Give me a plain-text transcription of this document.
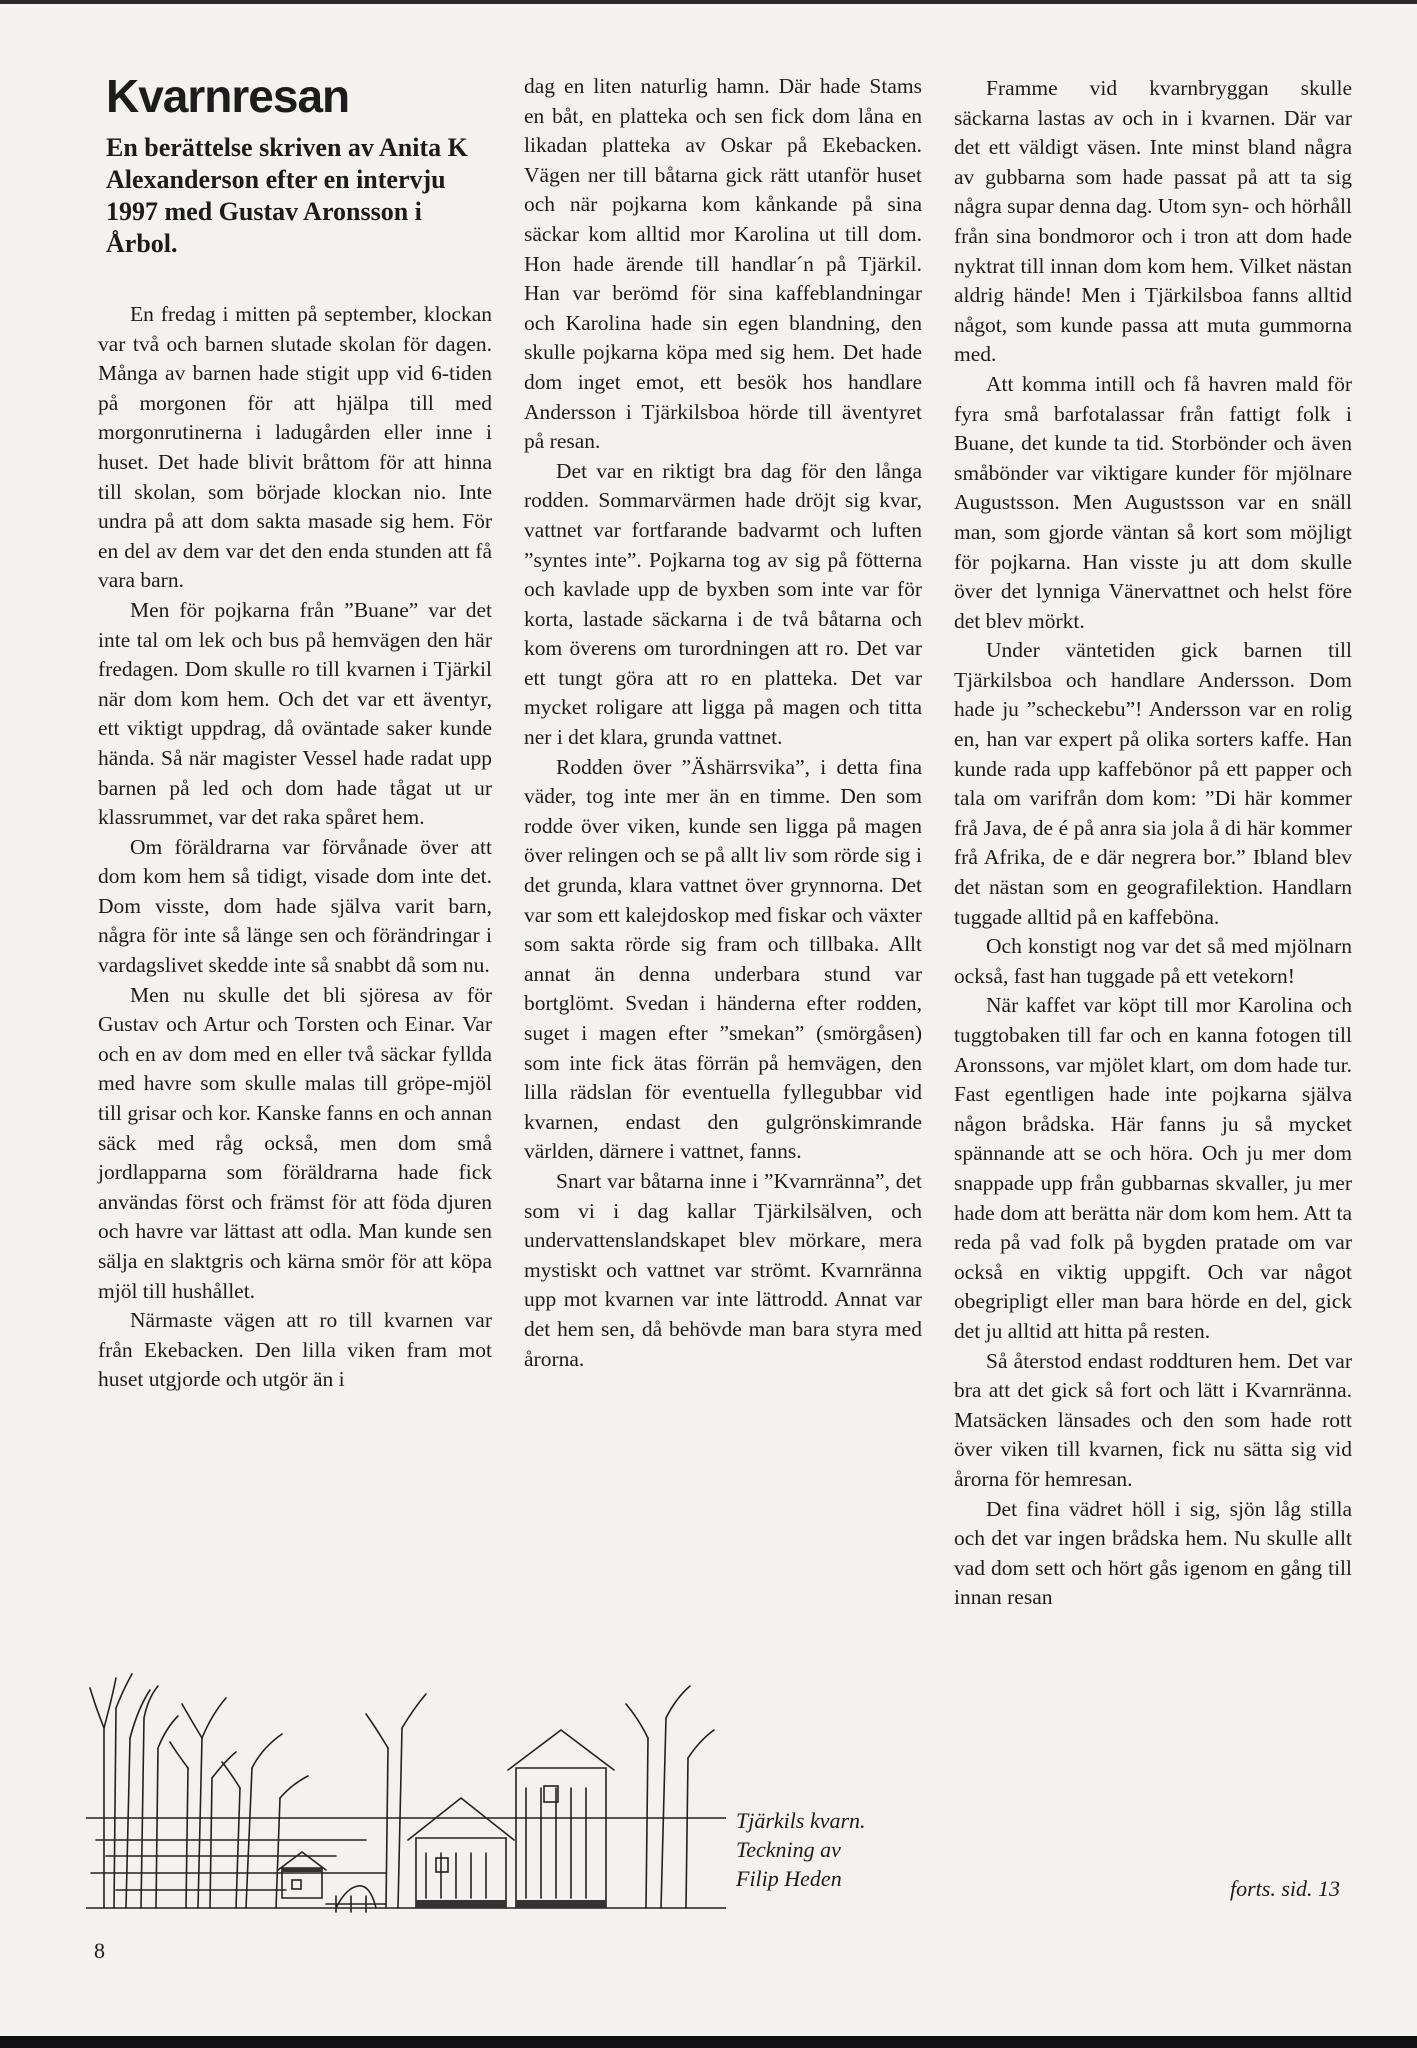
Kvarnresan
En berättelse skriven av Anita K Alexanderson efter en intervju 1997 med Gustav Aronsson i Årbol.

En fredag i mitten på september, klockan var två och barnen slutade skolan för dagen. Många av barnen hade stigit upp vid 6-tiden på morgonen för att hjälpa till med morgonrutinerna i ladugården eller inne i huset. Det hade blivit bråttom för att hinna till skolan, som började klockan nio. Inte undra på att dom sakta masade sig hem. För en del av dem var det den enda stunden att få vara barn.

Men för pojkarna från ”Buane” var det inte tal om lek och bus på hemvägen den här fredagen. Dom skulle ro till kvarnen i Tjärkil när dom kom hem. Och det var ett äventyr, ett viktigt uppdrag, då oväntade saker kunde hända. Så när magister Vessel hade radat upp barnen på led och dom hade tågat ut ur klassrummet, var det raka spåret hem.

Om föräldrarna var förvånade över att dom kom hem så tidigt, visade dom inte det. Dom visste, dom hade själva varit barn, några för inte så länge sen och förändringar i vardagslivet skedde inte så snabbt då som nu.

Men nu skulle det bli sjöresa av för Gustav och Artur och Torsten och Einar. Var och en av dom med en eller två säckar fyllda med havre som skulle malas till gröpe-mjöl till grisar och kor. Kanske fanns en och annan säck med råg också, men dom små jordlapparna som föräldrarna hade fick användas först och främst för att föda djuren och havre var lättast att odla. Man kunde sen sälja en slaktgris och kärna smör för att köpa mjöl till hushållet.

Närmaste vägen att ro till kvarnen var från Ekebacken. Den lilla viken fram mot huset utgjorde och utgör än i

dag en liten naturlig hamn. Där hade Stams en båt, en platteka och sen fick dom låna en likadan platteka av Oskar på Ekebacken. Vägen ner till båtarna gick rätt utanför huset och när pojkarna kom kånkande på sina säckar kom alltid mor Karolina ut till dom. Hon hade ärende till handlar´n på Tjärkil. Han var berömd för sina kaffeblandningar och Karolina hade sin egen blandning, den skulle pojkarna köpa med sig hem. Det hade dom inget emot, ett besök hos handlare Andersson i Tjärkilsboa hörde till äventyret på resan.

Det var en riktigt bra dag för den långa rodden. Sommarvärmen hade dröjt sig kvar, vattnet var fortfarande badvarmt och luften ”syntes inte”. Pojkarna tog av sig på fötterna och kavlade upp de byxben som inte var för korta, lastade säckarna i de två båtarna och kom överens om turordningen att ro. Det var ett tungt göra att ro en platteka. Det var mycket roligare att ligga på magen och titta ner i det klara, grunda vattnet.

Rodden över ”Äshärrsvika”, i detta fina väder, tog inte mer än en timme. Den som rodde över viken, kunde sen ligga på magen över relingen och se på allt liv som rörde sig i det grunda, klara vattnet över grynnorna. Det var som ett kalejdoskop med fiskar och växter som sakta rörde sig fram och tillbaka. Allt annat än denna underbara stund var bortglömt. Svedan i händerna efter rodden, suget i magen efter ”smekan” (smörgåsen) som inte fick ätas förrän på hemvägen, den lilla rädslan för eventuella fyllegubbar vid kvarnen, endast den gulgrönskimrande världen, därnere i vattnet, fanns.

Snart var båtarna inne i ”Kvarnränna”, det som vi i dag kallar Tjärkilsälven, och undervattenslandskapet blev mörkare, mera mystiskt och vattnet var strömt. Kvarnränna upp mot kvarnen var inte lättrodd. Annat var det hem sen, då behövde man bara styra med årorna.

Framme vid kvarnbryggan skulle säckarna lastas av och in i kvarnen. Där var det ett väldigt väsen. Inte minst bland några av gubbarna som hade passat på att ta sig några supar denna dag. Utom syn- och hörhåll från sina bondmoror och i tron att dom hade nyktrat till innan dom kom hem. Vilket nästan aldrig hände! Men i Tjärkilsboa fanns alltid något, som kunde passa att muta gummorna med.

Att komma intill och få havren mald för fyra små barfotalassar från fattigt folk i Buane, det kunde ta tid. Storbönder och även småbönder var viktigare kunder för mjölnare Augustsson. Men Augustsson var en snäll man, som gjorde väntan så kort som möjligt för pojkarna. Han visste ju att dom skulle över det lynniga Vänervattnet och helst före det blev mörkt.

Under väntetiden gick barnen till Tjärkilsboa och handlare Andersson. Dom hade ju ”scheckebu”! Andersson var en rolig en, han var expert på olika sorters kaffe. Han kunde rada upp kaffebönor på ett papper och tala om varifrån dom kom: ”Di här kommer frå Java, de é på anra sia jola å di här kommer frå Afrika, de e där negrera bor.” Ibland blev det nästan som en geografilektion. Handlarn tuggade alltid på en kaffeböna.

Och konstigt nog var det så med mjölnarn också, fast han tuggade på ett vetekorn!

När kaffet var köpt till mor Karolina och tuggtobaken till far och en kanna fotogen till Aronssons, var mjölet klart, om dom hade tur. Fast egentligen hade inte pojkarna själva någon brådska. Här fanns ju så mycket spännande att se och höra. Och ju mer dom snappade upp från gubbarnas skvaller, ju mer hade dom att berätta när dom kom hem. Att ta reda på vad folk på bygden pratade om var också en viktig uppgift. Och var något obegripligt eller man bara hörde en del, gick det ju alltid att hitta på resten.

Så återstod endast roddturen hem. Det var bra att det gick så fort och lätt i Kvarnränna. Matsäcken länsades och den som hade rott över viken till kvarnen, fick nu sätta sig vid årorna för hemresan.

Det fina vädret höll i sig, sjön låg stilla och det var ingen brådska hem. Nu skulle allt vad dom sett och hört gås igenom en gång till innan resan

Tjärkils kvarn.
Teckning av
Filip Heden	forts. sid. 13
8
